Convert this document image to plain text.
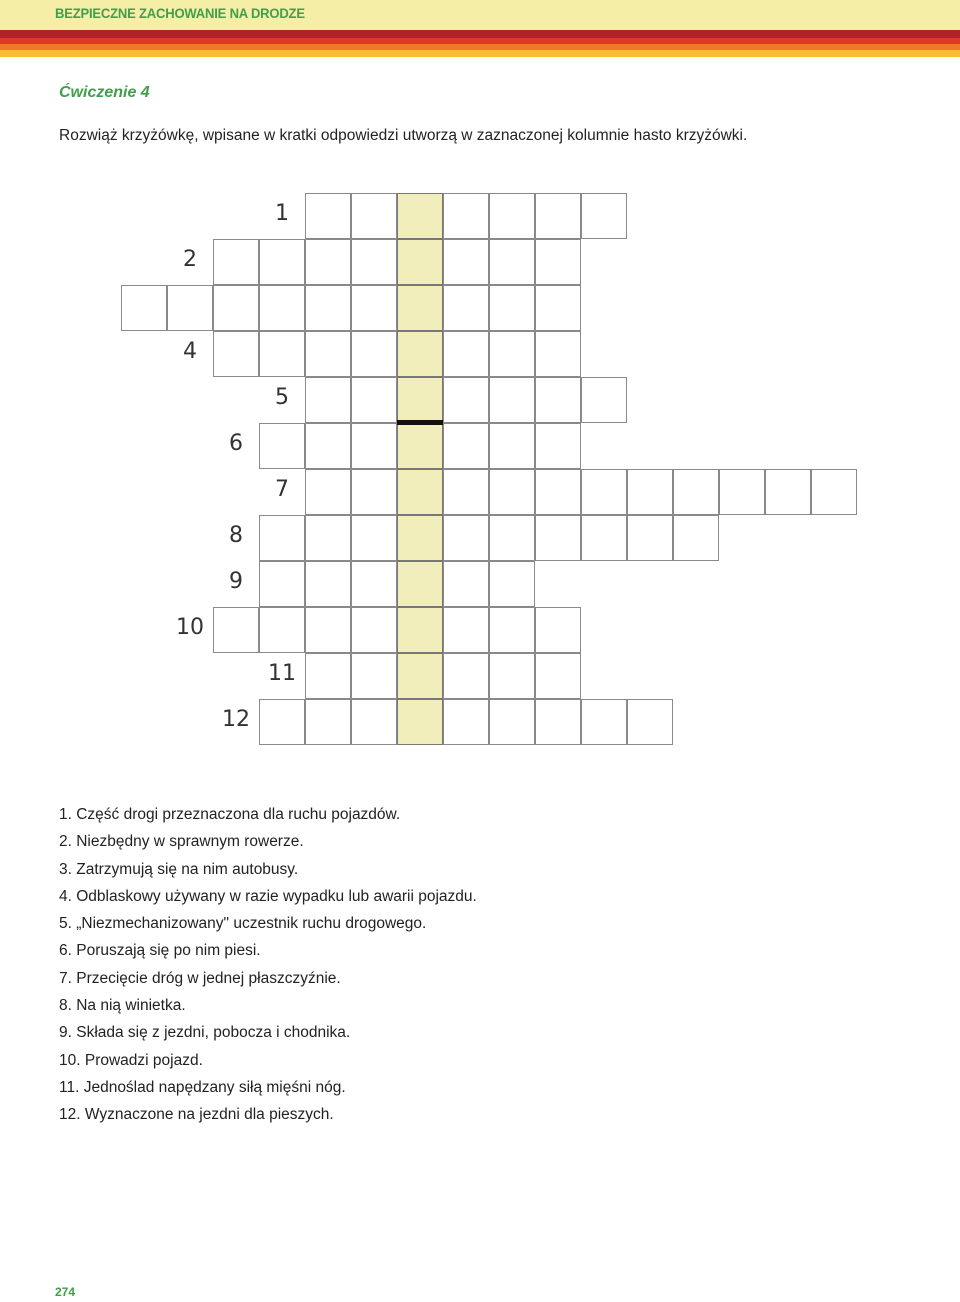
BEZPIECZNE ZACHOWANIE NA DRODZE
Ćwiczenie 4
Rozwiąż krzyżówkę, wpisane w kratki odpowiedzi utworzą w zaznaczonej kolumnie hasto krzyżówki.
1
2
4
5
6
7
8
9
10
11
12
1. Część drogi przeznaczona dla ruchu pojazdów.
2. Niezbędny w sprawnym rowerze.
3. Zatrzymują się na nim autobusy.
4. Odblaskowy używany w razie wypadku lub awarii pojazdu.
5. „Niezmechanizowany" uczestnik ruchu drogowego.
6. Poruszają się po nim piesi.
7. Przecięcie dróg w jednej płaszczyźnie.
8. Na nią winietka.
9. Składa się z jezdni, pobocza i chodnika.
10. Prowadzi pojazd.
11. Jednoślad napędzany siłą mięśni nóg.
12. Wyznaczone na jezdni dla pieszych.
274
